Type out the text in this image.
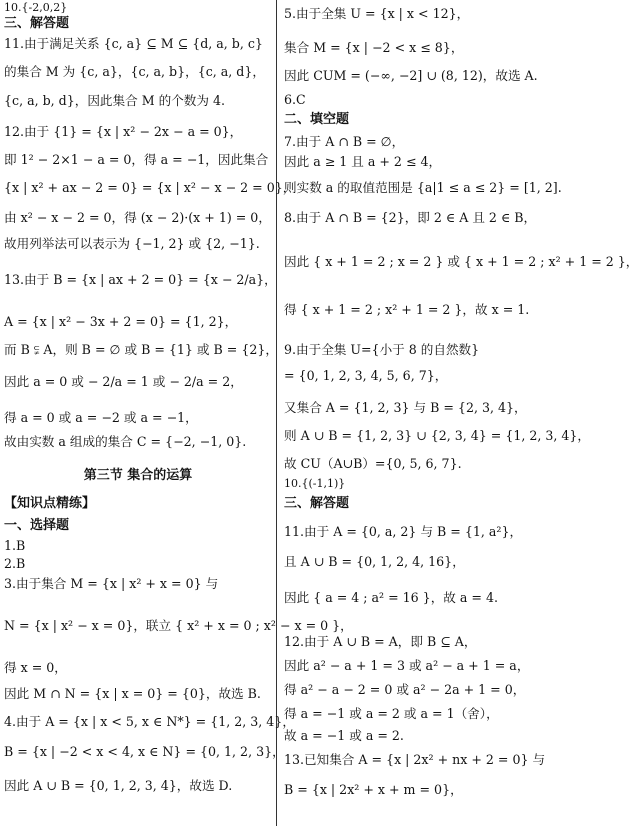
10.{-2,0,2}
三、解答题
11.由于满足关系 {c, a} ⊆ M ⊆ {d, a, b, c}
的集合 M 为 {c, a}，{c, a, b}，{c, a, d}，
{c, a, b, d}，因此集合 M 的个数为 4.
12.由于 {1} = {x | x² − 2x − a = 0}，
即 1² − 2×1 − a = 0，得 a = −1，因此集合
{x | x² + ax − 2 = 0} = {x | x² − x − 2 = 0}，
由 x² − x − 2 = 0，得 (x − 2)·(x + 1) = 0，
故用列举法可以表示为 {−1, 2} 或 {2, −1}.
13.由于 B = {x | ax + 2 = 0} = {x − 2/a}，
A = {x | x² − 3x + 2 = 0} = {1, 2}，
而 B ⫋ A，则 B = ∅ 或 B = {1} 或 B = {2}，
因此 a = 0 或 − 2/a = 1 或 − 2/a = 2，
得 a = 0 或 a = −2 或 a = −1，
故由实数 a 组成的集合 C = {−2, −1, 0}.
第三节 集合的运算
【知识点精练】
一、选择题
1.B
2.B
3.由于集合 M = {x | x² + x = 0} 与
N = {x | x² − x = 0}，联立 { x² + x = 0 ; x² − x = 0 }，
得 x = 0，
因此 M ∩ N = {x | x = 0} = {0}，故选 B.
4.由于 A = {x | x < 5, x ∈ N*} = {1, 2, 3, 4}，
B = {x | −2 < x < 4, x ∈ N} = {0, 1, 2, 3}，
因此 A ∪ B = {0, 1, 2, 3, 4}，故选 D.
5.由于全集 U = {x | x < 12}，
集合 M = {x | −2 < x ≤ 8}，
因此 CUM = (−∞, −2] ∪ (8, 12)，故选 A.
6.C
二、填空题
7.由于 A ∩ B = ∅，
因此 a ≥ 1 且 a + 2 ≤ 4，
则实数 a 的取值范围是 {a|1 ≤ a ≤ 2} = [1, 2].
8.由于 A ∩ B = {2}，即 2 ∈ A 且 2 ∈ B，
因此 { x + 1 = 2 ; x = 2 } 或 { x + 1 = 2 ; x² + 1 = 2 }，
得 { x + 1 = 2 ; x² + 1 = 2 }，故 x = 1.
9.由于全集 U={小于 8 的自然数}
= {0, 1, 2, 3, 4, 5, 6, 7}，
又集合 A = {1, 2, 3} 与 B = {2, 3, 4}，
则 A ∪ B = {1, 2, 3} ∪ {2, 3, 4} = {1, 2, 3, 4}，
故 CU（A∪B）={0, 5, 6, 7}.
10.{(-1,1)}
三、解答题
11.由于 A = {0, a, 2} 与 B = {1, a²}，
且 A ∪ B = {0, 1, 2, 4, 16}，
因此 { a = 4 ; a² = 16 }，故 a = 4.
12.由于 A ∪ B = A，即 B ⊆ A，
因此 a² − a + 1 = 3 或 a² − a + 1 = a，
得 a² − a − 2 = 0 或 a² − 2a + 1 = 0，
得 a = −1 或 a = 2 或 a = 1（舍），
故 a = −1 或 a = 2.
13.已知集合 A = {x | 2x² + nx + 2 = 0} 与
B = {x | 2x² + x + m = 0}，
